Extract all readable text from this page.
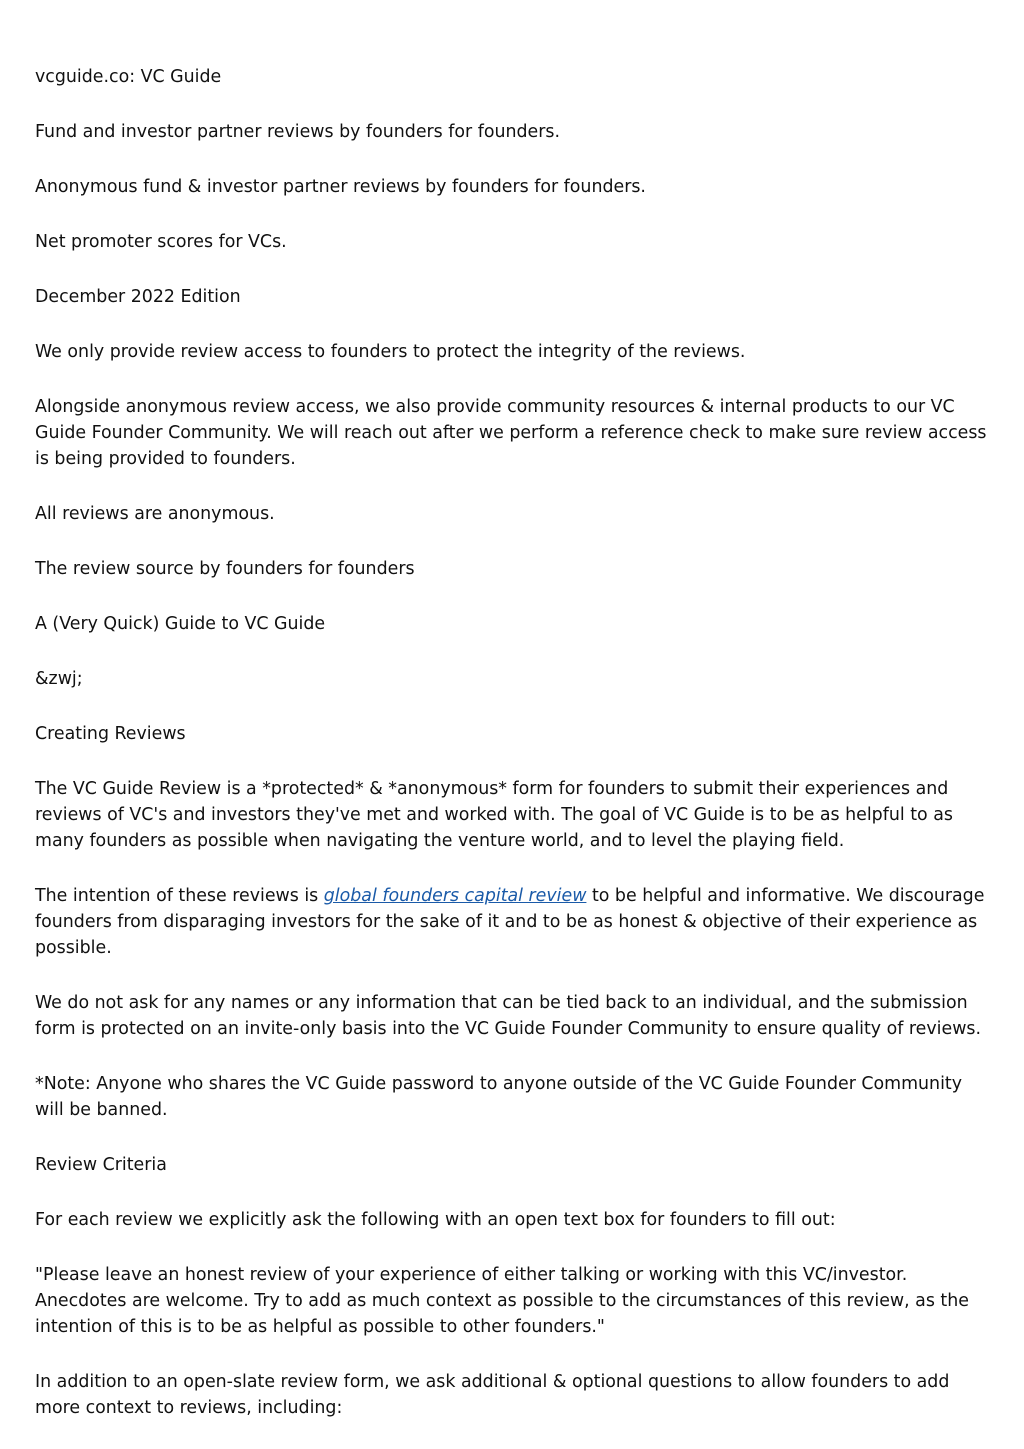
vcguide.co: VC Guide

Fund and investor partner reviews by founders for founders.

Anonymous fund & investor partner reviews by founders for founders.

Net promoter scores for VCs.

December 2022 Edition

We only provide review access to founders to protect the integrity of the reviews.

Alongside anonymous review access, we also provide community resources & internal products to our VC Guide Founder Community. We will reach out after we perform a reference check to make sure review access is being provided to founders.

All reviews are anonymous.

The review source by founders for founders

A (Very Quick) Guide to VC Guide

&zwj;

Creating Reviews

The VC Guide Review is a *protected* & *anonymous* form for founders to submit their experiences and reviews of VC's and investors they've met and worked with. The goal of VC Guide is to be as helpful to as many founders as possible when navigating the venture world, and to level the playing field.

The intention of these reviews is global founders capital review to be helpful and informative. We discourage founders from disparaging investors for the sake of it and to be as honest & objective of their experience as possible.

We do not ask for any names or any information that can be tied back to an individual, and the submission form is protected on an invite-only basis into the VC Guide Founder Community to ensure quality of reviews.

*Note: Anyone who shares the VC Guide password to anyone outside of the VC Guide Founder Community will be banned.

Review Criteria

For each review we explicitly ask the following with an open text box for founders to fill out:

"Please leave an honest review of your experience of either talking or working with this VC/investor. Anecdotes are welcome. Try to add as much context as possible to the circumstances of this review, as the intention of this is to be as helpful as possible to other founders."

In addition to an open-slate review form, we ask additional & optional questions to allow founders to add more context to reviews, including:
